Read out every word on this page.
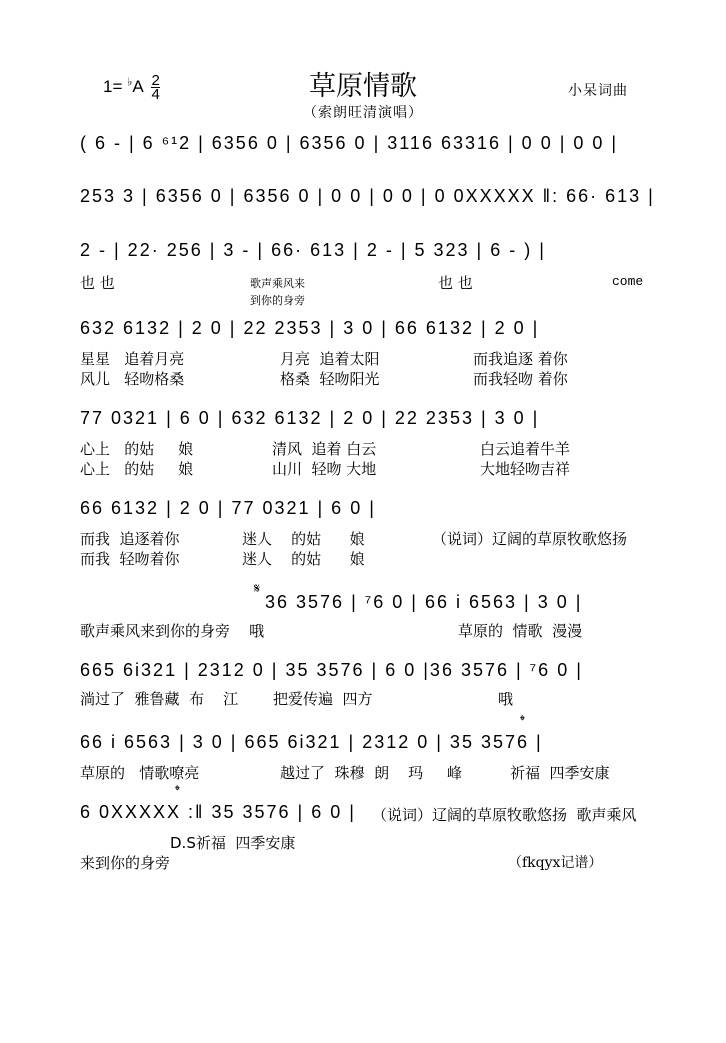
$1= ^♭A \frac{2}{4}$	草原情歌
（索朗旺清演唱）
小呆词曲
( 6 - | 6 ⁶¹2 | 6356 0 | 6356 0 | 3116 63316 | 0 0 | 0 0 |
253 3 | 6356 0 | 6356 0 | 0 0 | 0 0 | 0 0XXXXX ‖: 66· 613 |
2 - | 22· 256 | 3 - | 66· 613 | 2 - | 5 323 | 6 - ) |
也 也	歌声乘风来
到你的身旁
也 也	come
632 6132 | 2 0 | 22 2353 | 3 0 | 66 6132 | 2 0 |
星星   追着月亮	月亮  追着太阳	而我追逐 着你
风儿   轻吻格桑	格桑  轻吻阳光	而我轻吻 着你
77 0321 | 6 0 | 632 6132 | 2 0 | 22 2353 | 3 0 |
心上   的姑     娘	清风  追着 白云	白云追着牛羊
心上   的姑     娘	山川  轻吻 大地	大地轻吻吉祥
66 6132 | 2 0 | 77 0321 | 6 0 |
而我  追逐着你	迷人    的姑      娘	（说词）辽阔的草原牧歌悠扬
而我  轻吻着你	迷人    的姑      娘
𝄋
36 3576 | ⁷6 0 | 66 i 6563 | 3 0 |
歌声乘风来到你的身旁    哦	草原的  情歌  漫漫
665 6i321 | 2312 0 | 35 3576 | 6 0 |36 3576 | ⁷6 0 |
淌过了  雅鲁藏  布    江 把爱传遍  四方	哦
𝄌
66 i 6563 | 3 0 | 665 6i321 | 2312 0 | 35 3576 |
草原的   情歌嘹亮	越过了  珠穆  朗    玛     峰	祈福  四季安康
𝄌
6 0XXXXX :‖ 35 3576 | 6 0 | （说词）辽阔的草原牧歌悠扬  歌声乘风
D.S祈福  四季安康
来到你的身旁	（fkqyx记谱）
